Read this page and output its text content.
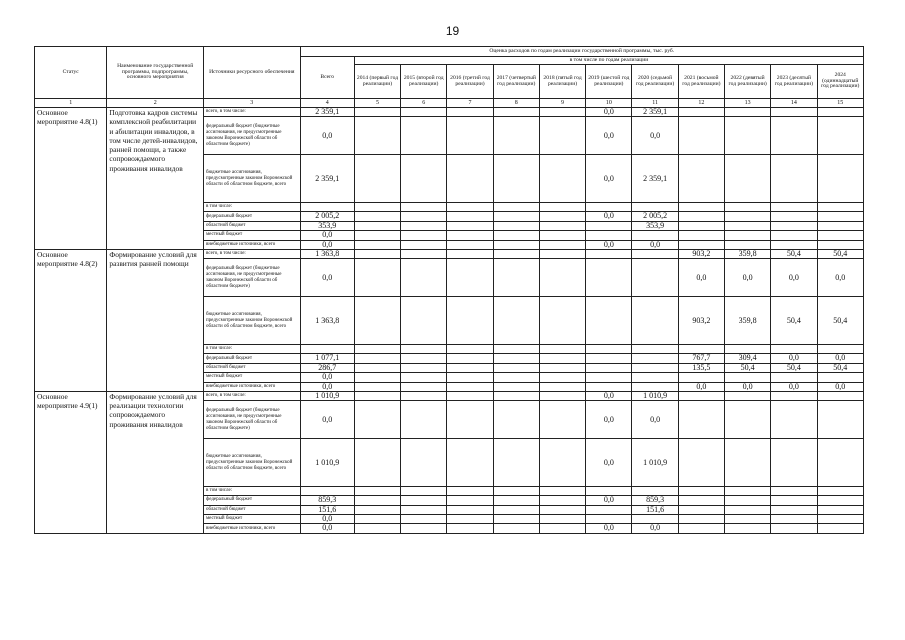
19
Статус	Наименование государственной программы, подпрограммы, основного мероприятия	Источники ресурсного обеспечения	Оценка расходов по годам реализации государственной программы, тыс. руб.											
			Всего	в том числе по годам реализации										
				2014 (первый год реализации)	2015 (второй год реализации)	2016 (третий год реализации)	2017 (четвертый год реализации)	2018 (пятый год реализации)	2019 (шестой год реализации)	2020 (седьмой год реализации)	2021 (восьмой год реализации)	2022 (девятый год реализации)	2023 (десятый год реализации)	2024 (одиннадцатый год реализации)
1	2	3	4	5	6	7	8	9	10	11	12	13	14	15
Основное мероприятие 4.8(1)	Подготовка кадров системы комплексной реабилитации и абилитации инвалидов, в том числе детей-инвалидов, ранней помощи, а также сопровождаемого проживания инвалидов	всего, в том числе:	2 359,1						0,0	2 359,1				
		федеральный бюджет (бюджетные ассигнования, не предусмотренные законом Воронежской области об областном бюджете)	0,0						0,0	0,0				
		бюджетные ассигнования, предусмотренные законом Воронежской области об областном бюджете, всего	2 359,1						0,0	2 359,1				
		в том числе:												
		федеральный бюджет	2 005,2						0,0	2 005,2				
		областной бюджет	353,9							353,9				
		местный бюджет	0,0											
		внебюджетные источники, всего	0,0						0,0	0,0				
Основное мероприятие 4.8(2)	Формирование условий для развития ранней помощи	всего, в том числе:	1 363,8								903,2	359,8	50,4	50,4
		федеральный бюджет (бюджетные ассигнования, не предусмотренные законом Воронежской области об областном бюджете)	0,0								0,0	0,0	0,0	0,0
		бюджетные ассигнования, предусмотренные законом Воронежской области об областном бюджете, всего	1 363,8								903,2	359,8	50,4	50,4
		в том числе:												
		федеральный бюджет	1 077,1								767,7	309,4	0,0	0,0
		областной бюджет	286,7								135,5	50,4	50,4	50,4
		местный бюджет	0,0											
		внебюджетные источники, всего	0,0								0,0	0,0	0,0	0,0
Основное мероприятие 4.9(1)	Формирование условий для реализации технологии сопровождаемого проживания инвалидов	всего, в том числе:	1 010,9						0,0	1 010,9				
		федеральный бюджет (бюджетные ассигнования, не предусмотренные законом Воронежской области об областном бюджете)	0,0						0,0	0,0				
		бюджетные ассигнования, предусмотренные законом Воронежской области об областном бюджете, всего	1 010,9						0,0	1 010,9				
		в том числе:												
		федеральный бюджет	859,3						0,0	859,3				
		областной бюджет	151,6							151,6				
		местный бюджет	0,0											
		внебюджетные источники, всего	0,0						0,0	0,0				
